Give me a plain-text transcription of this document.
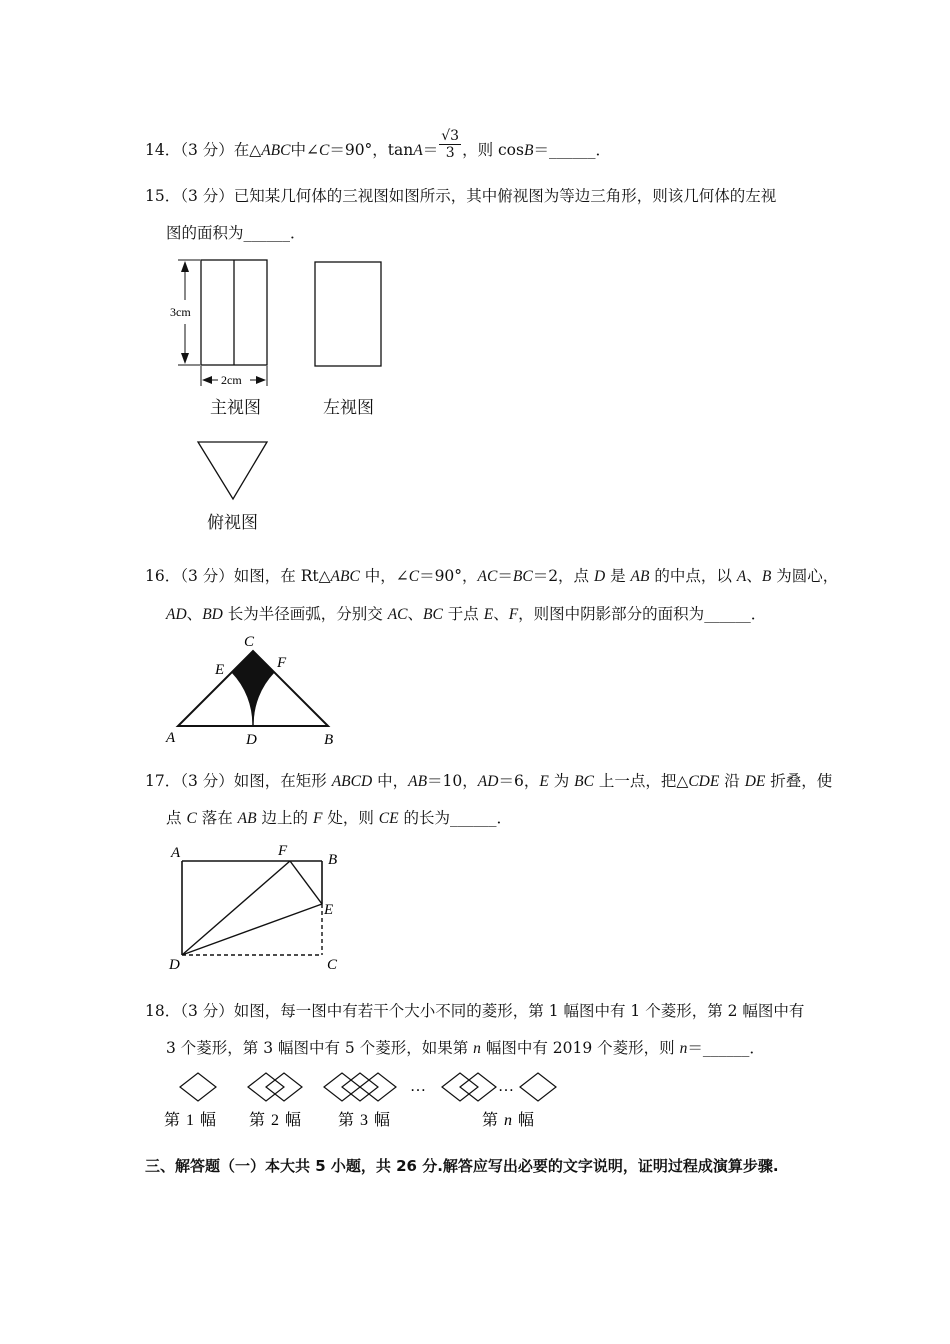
14．（3 分）在△ABC中∠C＝90°，$\tan A= \frac{√3}{3}$ ，则 cosB＝______．
15．（3 分）已知某几何体的三视图如图所示，其中俯视图为等边三角形，则该几何体的左视
图的面积为______．
3cm
2cm
主视图	左视图
俯视图
16．（3 分）如图，在 Rt△ABC 中，∠C＝90°，AC＝BC＝2，点 D 是 AB 的中点，以 A、B 为圆心，
AD、BD 长为半径画弧，分别交 AC、BC 于点 E、F，则图中阴影部分的面积为______．
C
E	F
A	D	B
17．（3 分）如图，在矩形 ABCD 中，AB＝10，AD＝6，E 为 BC 上一点，把△CDE 沿 DE 折叠，使
点 C 落在 AB 边上的 F 处，则 CE 的长为______．
A	F
B
E
D	C
18．（3 分）如图，每一图中有若干个大小不同的菱形，第 1 幅图中有 1 个菱形，第 2 幅图中有
3 个菱形，第 3 幅图中有 5 个菱形，如果第 n 幅图中有 2019 个菱形，则 n＝______．
…	…
第 1 幅 第 2 幅 第 3 幅	第 n 幅
三、解答题（一）本大共 5 小题，共 26 分.解答应写出必要的文字说明，证明过程成演算步骤.
